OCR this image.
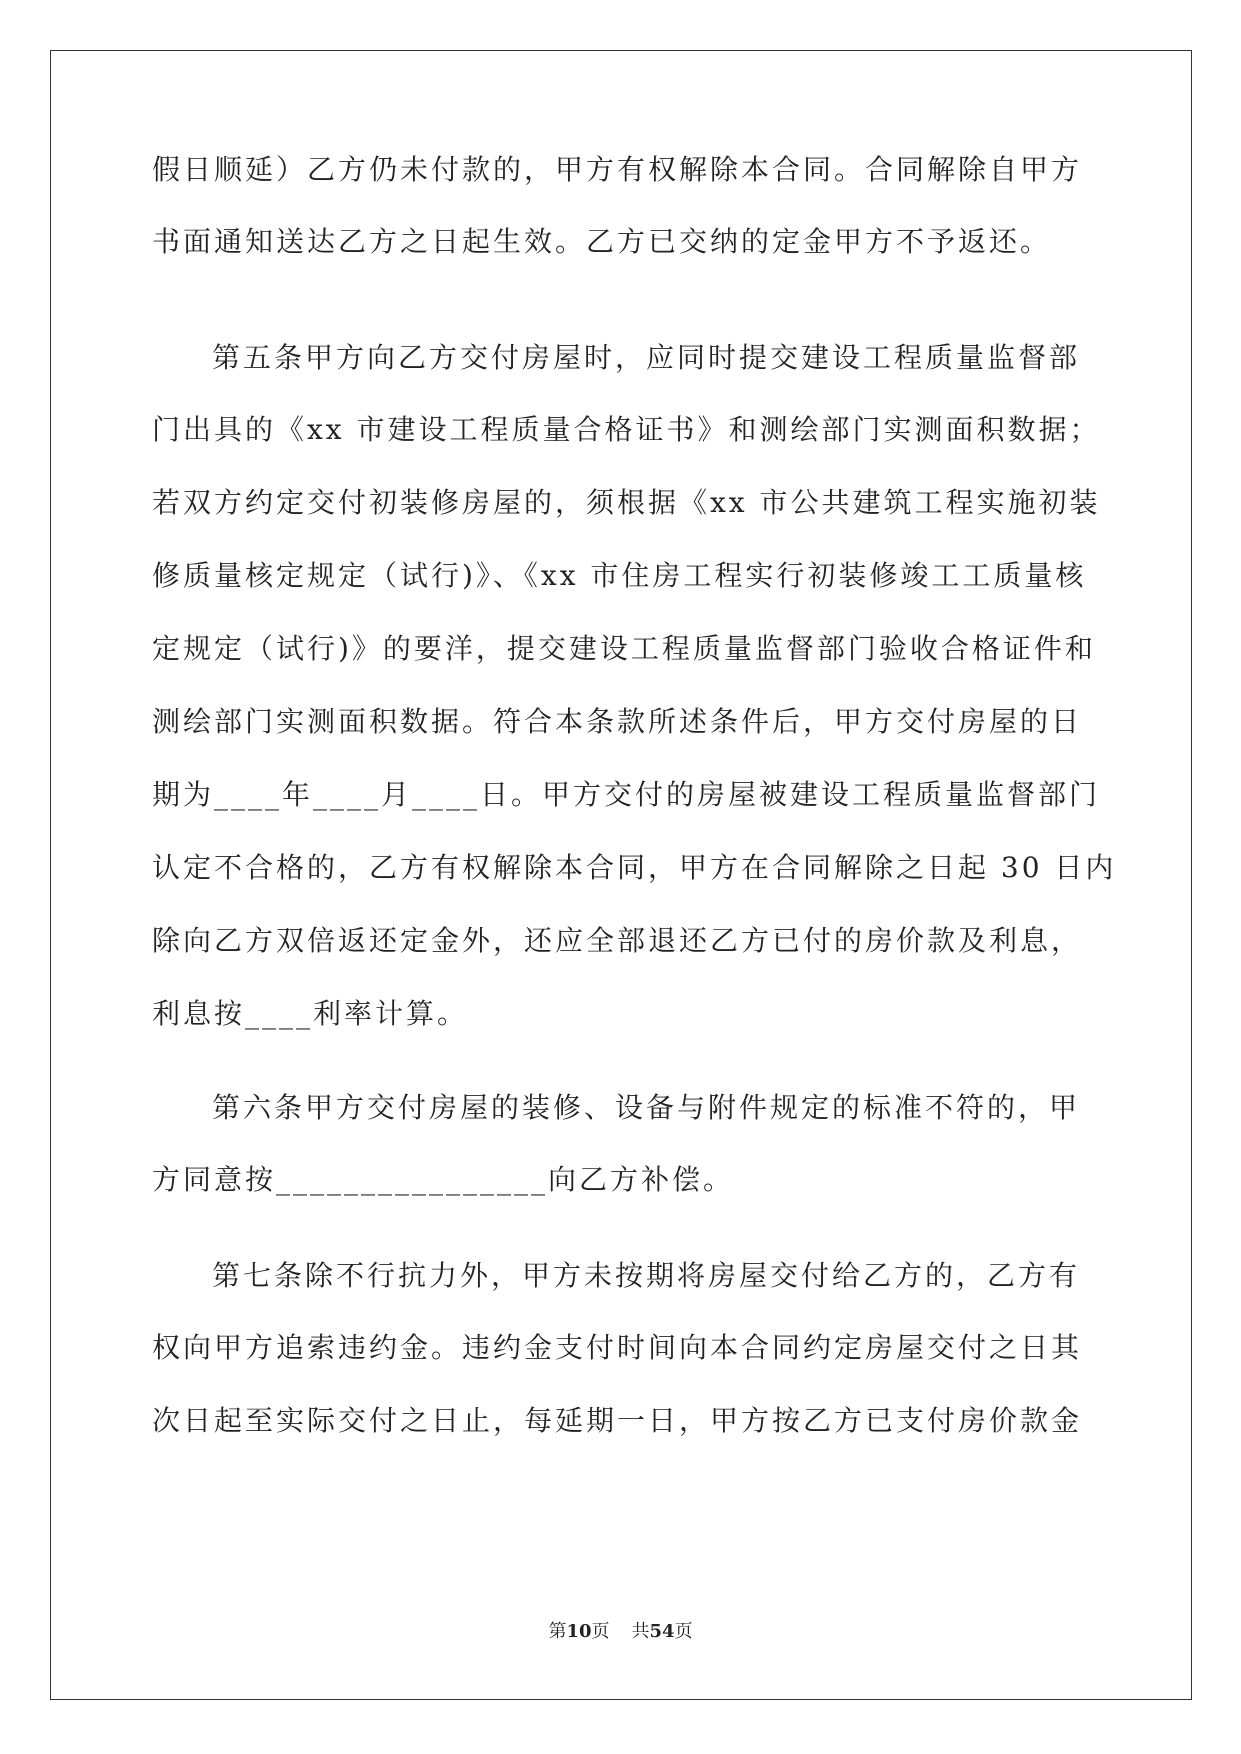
假日顺延）乙方仍未付款的，甲方有权解除本合同。合同解除自甲方
书面通知送达乙方之日起生效。乙方已交纳的定金甲方不予返还。
第五条甲方向乙方交付房屋时，应同时提交建设工程质量监督部
门出具的《xx 市建设工程质量合格证书》和测绘部门实测面积数据；
若双方约定交付初装修房屋的，须根据《xx 市公共建筑工程实施初装
修质量核定规定（试行)》、《xx 市住房工程实行初装修竣工工质量核
定规定（试行)》的要洋，提交建设工程质量监督部门验收合格证件和
测绘部门实测面积数据。符合本条款所述条件后，甲方交付房屋的日
期为____年____月____日。甲方交付的房屋被建设工程质量监督部门
认定不合格的，乙方有权解除本合同，甲方在合同解除之日起 30 日内
除向乙方双倍返还定金外，还应全部退还乙方已付的房价款及利息，
利息按____利率计算。
第六条甲方交付房屋的装修、设备与附件规定的标准不符的，甲
方同意按________________向乙方补偿。
第七条除不行抗力外，甲方未按期将房屋交付给乙方的，乙方有
权向甲方追索违约金。违约金支付时间向本合同约定房屋交付之日其
次日起至实际交付之日止，每延期一日，甲方按乙方已支付房价款金
第10页 共54页
